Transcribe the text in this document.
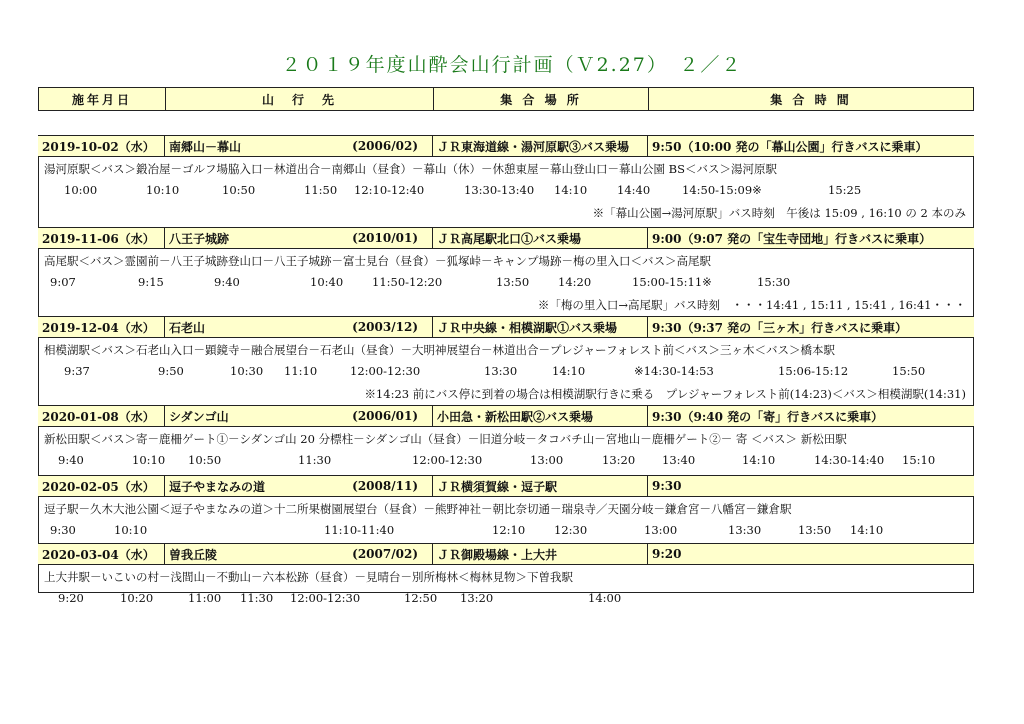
２０１９年度山酔会山行計画（Ｖ2.27）　２／２
施年月日	山　行　先	集 合 場 所	集 合 時 間
2019-10-02（水）	南郷山－幕山	(2006/02)	ＪＲ東海道線・湯河原駅③バス乗場	9:50（10:00 発の「幕山公園」行きバスに乗車）
湯河原駅＜バス＞鍛冶屋－ゴルフ場脇入口－林道出合－南郷山（昼食）－幕山（休）－休憩東屋－幕山登山口－幕山公園 BS＜バス＞湯河原駅
10:00	10:10	10:50	11:50 12:10-12:40	13:30-13:40 14:10	14:40	14:50-15:09※	15:25
※「幕山公園→湯河原駅」バス時刻　午後は 15:09 , 16:10 の 2 本のみ
2019-11-06（水）	八王子城跡	(2010/01)	ＪＲ高尾駅北口①バス乗場	9:00（9:07 発の「宝生寺団地」行きバスに乗車）
高尾駅＜バス＞霊園前－八王子城跡登山口－八王子城跡－富士見台（昼食）－狐塚峠－キャンプ場跡－梅の里入口＜バス＞高尾駅
9:07	9:15	9:40	10:40	11:50-12:20	13:50	14:20	15:00-15:11※	15:30
※「梅の里入口→高尾駅」バス時刻　・・・14:41 , 15:11 , 15:41 , 16:41・・・
2019-12-04（水）	石老山	(2003/12)	ＪＲ中央線・相模湖駅①バス乗場	9:30（9:37 発の「三ヶ木」行きバスに乗車）
相模湖駅＜バス＞石老山入口－顕鏡寺－融合展望台－石老山（昼食）－大明神展望台－林道出合－プレジャーフォレスト前＜バス＞三ヶ木＜バス＞橋本駅
9:37	9:50	10:30 11:10	12:00-12:30	13:30	14:10	※14:30-14:53	15:06-15:12	15:50
※14:23 前にバス停に到着の場合は相模湖駅行きに乗る　プレジャーフォレスト前(14:23)＜バス＞相模湖駅(14:31)
2020-01-08（水）	シダンゴ山	(2006/01)	小田急・新松田駅②バス乗場	9:30（9:40 発の「寄」行きバスに乗車）
新松田駅＜バス＞寄－鹿柵ゲート①－シダンゴ山 20 分標柱－シダンゴ山（昼食）－旧道分岐－タコバチ山－宮地山－鹿柵ゲート②－ 寄 ＜バス＞ 新松田駅
9:40	10:10 10:50	11:30	12:00-12:30	13:00	13:20 13:40	14:10	14:30-14:40 15:10
2020-02-05（水）	逗子やまなみの道	(2008/11)	ＪＲ横須賀線・逗子駅	9:30
逗子駅－久木大池公園＜逗子やまなみの道＞十二所果樹園展望台（昼食）－熊野神社－朝比奈切通－瑞泉寺／天園分岐－鎌倉宮－八幡宮－鎌倉駅
9:30	10:10	11:10-11:40	12:10	12:30	13:00	13:30	13:50 14:10
2020-03-04（水）	曽我丘陵	(2007/02)	ＪＲ御殿場線・上大井	9:20
上大井駅－いこいの村－浅間山－不動山－六本松跡（昼食）－見晴台－別所梅林＜梅林見物＞下曽我駅
9:20	10:20	11:00 11:30 12:00-12:30	12:50 13:20	14:00
